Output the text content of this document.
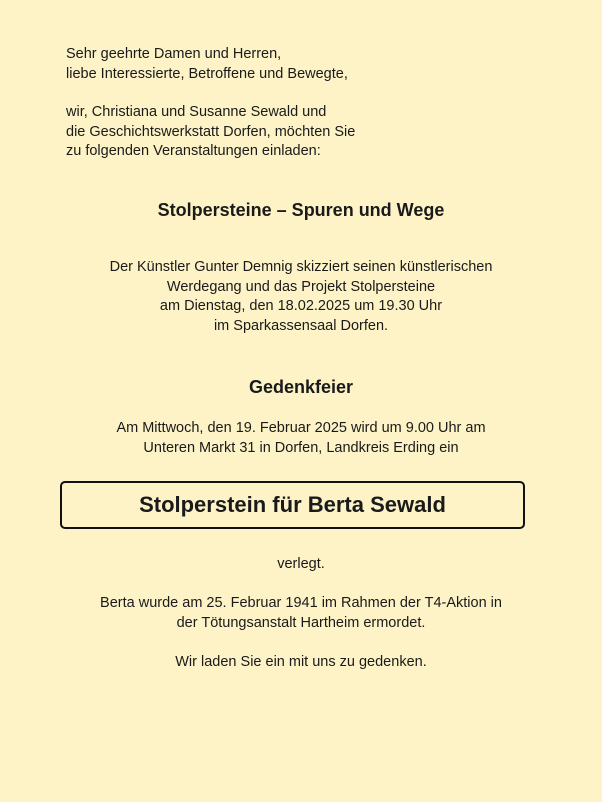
Sehr geehrte Damen und Herren,

liebe Interessierte, Betroffene und Bewegte,

wir, Christiana und Susanne Sewald und

die Geschichtswerkstatt Dorfen, möchten Sie

zu folgenden Veranstaltungen einladen:

Stolpersteine – Spuren und Wege

Der Künstler Gunter Demnig skizziert seinen künstlerischen

Werdegang und das Projekt Stolpersteine

am Dienstag, den 18.02.2025 um 19.30 Uhr

im Sparkassensaal Dorfen.

Gedenkfeier

Am Mittwoch, den 19. Februar 2025 wird um 9.00 Uhr am

Unteren Markt 31 in Dorfen, Landkreis Erding ein

Stolperstein für Berta Sewald
verlegt.

Berta wurde am 25. Februar 1941 im Rahmen der T4-Aktion in

der Tötungsanstalt Hartheim ermordet.

Wir laden Sie ein mit uns zu gedenken.
